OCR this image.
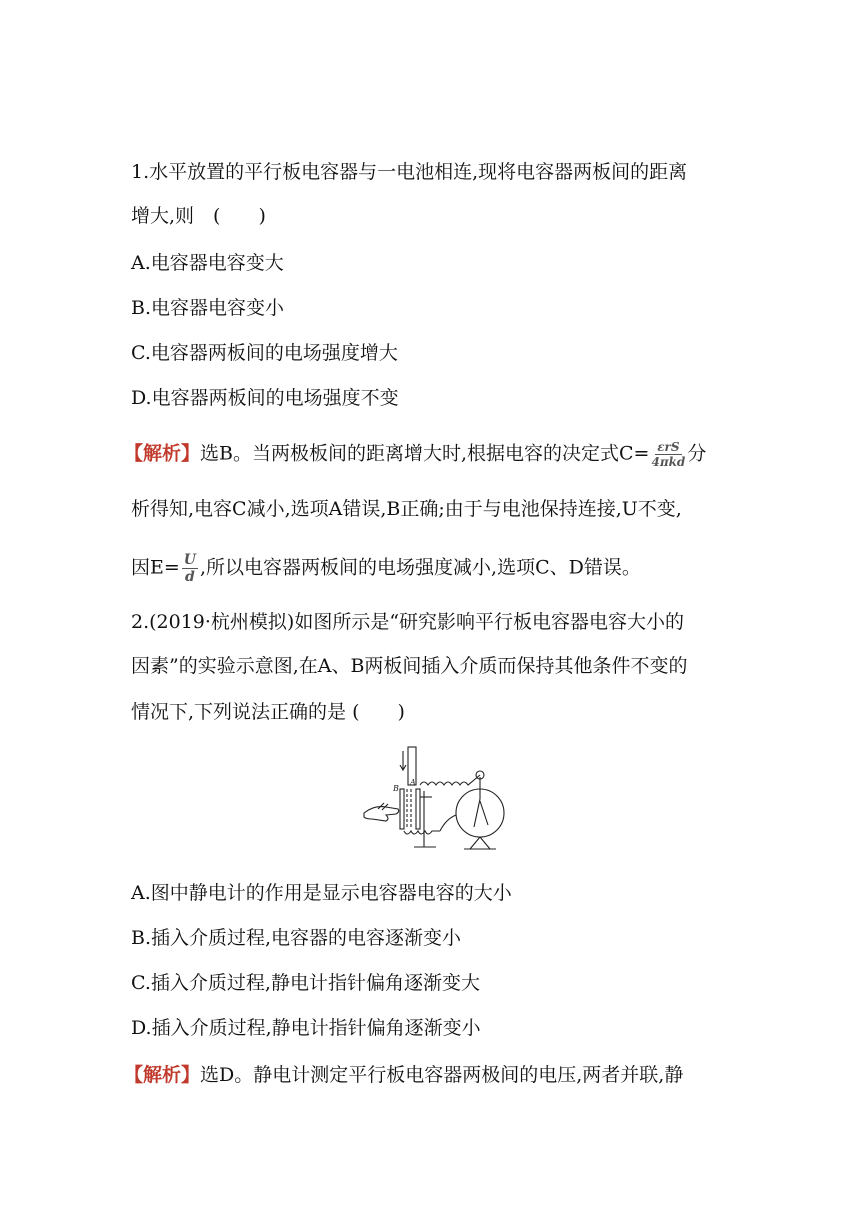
1.水平放置的平行板电容器与一电池相连,现将电容器两板间的距离
增大,则　(　　)
A.电容器电容变大
B.电容器电容变小
C.电容器两板间的电场强度增大
D.电容器两板间的电场强度不变
【解析】选B。当两极板间的距离增大时,根据电容的决定式$C= \frac{\text{εrS}}{\text{4πkd}}$ 分
析得知,电容C减小,选项A错误,B正确;由于与电池保持连接,U不变,
因$E= \frac{U}{d}$ ,所以电容器两板间的电场强度减小,选项C、D错误。
2.(2019·杭州模拟)如图所示是“研究影响平行板电容器电容大小的
因素”的实验示意图,在A、B两板间插入介质而保持其他条件不变的
情况下,下列说法正确的是 (　　)
A
B
A.图中静电计的作用是显示电容器电容的大小
B.插入介质过程,电容器的电容逐渐变小
C.插入介质过程,静电计指针偏角逐渐变大
D.插入介质过程,静电计指针偏角逐渐变小
【解析】选D。静电计测定平行板电容器两极间的电压,两者并联,静
